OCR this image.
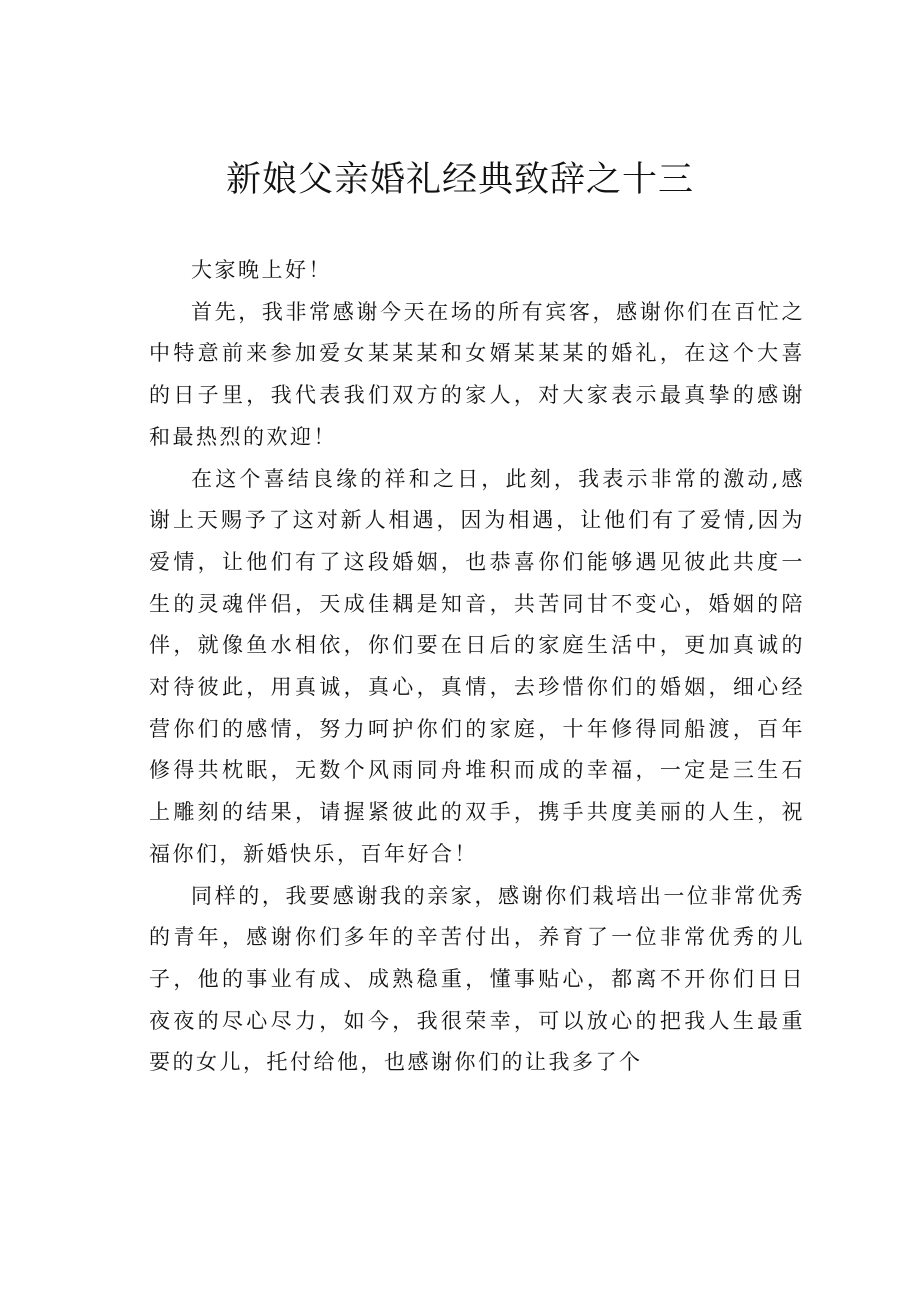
新娘父亲婚礼经典致辞之十三

大家晚上好！

首先，我非常感谢今天在场的所有宾客，感谢你们在百忙之中特意前来参加爱女某某某和女婿某某某的婚礼，在这个大喜的日子里，我代表我们双方的家人，对大家表示最真挚的感谢和最热烈的欢迎！

在这个喜结良缘的祥和之日，此刻，我表示非常的激动,感谢上天赐予了这对新人相遇，因为相遇，让他们有了爱情,因为爱情，让他们有了这段婚姻，也恭喜你们能够遇见彼此共度一生的灵魂伴侣，天成佳耦是知音，共苦同甘不变心，婚姻的陪伴，就像鱼水相依，你们要在日后的家庭生活中，更加真诚的对待彼此，用真诚，真心，真情，去珍惜你们的婚姻，细心经营你们的感情，努力呵护你们的家庭，十年修得同船渡，百年修得共枕眠，无数个风雨同舟堆积而成的幸福，一定是三生石上雕刻的结果，请握紧彼此的双手，携手共度美丽的人生，祝福你们，新婚快乐，百年好合！

同样的，我要感谢我的亲家，感谢你们栽培出一位非常优秀的青年，感谢你们多年的辛苦付出，养育了一位非常优秀的儿子，他的事业有成、成熟稳重，懂事贴心，都离不开你们日日夜夜的尽心尽力，如今，我很荣幸，可以放心的把我人生最重要的女儿，托付给他，也感谢你们的让我多了个
